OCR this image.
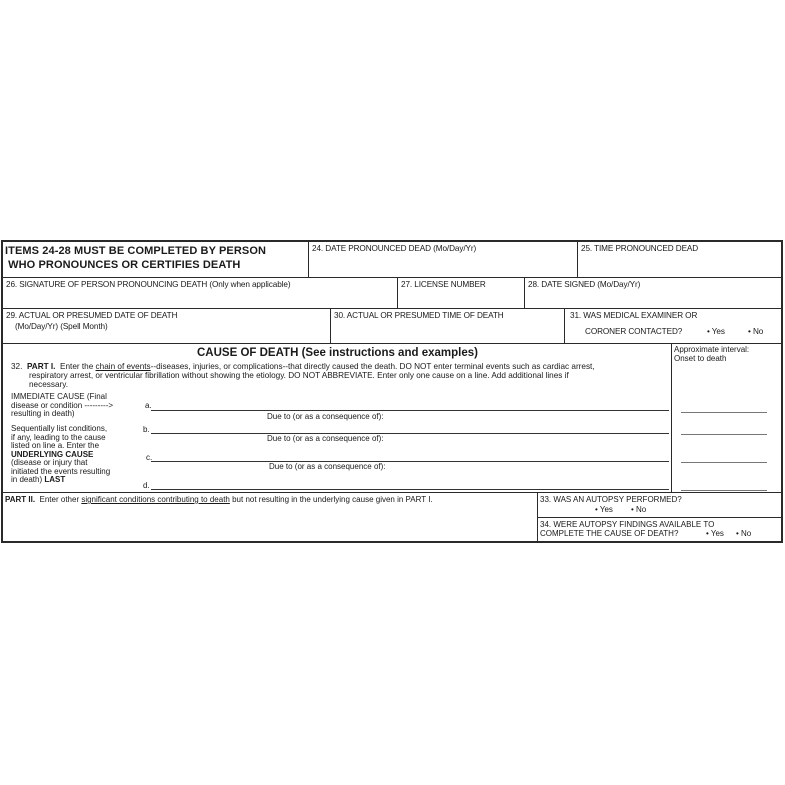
ITEMS 24-28 MUST BE COMPLETED BY PERSON
WHO PRONOUNCES OR CERTIFIES DEATH
24. DATE PRONOUNCED DEAD (Mo/Day/Yr)	25. TIME PRONOUNCED DEAD
26. SIGNATURE OF PERSON PRONOUNCING DEATH (Only when applicable)	27. LICENSE NUMBER	28. DATE SIGNED (Mo/Day/Yr)
29. ACTUAL OR PRESUMED DATE OF DEATH
(Mo/Day/Yr) (Spell Month)
30. ACTUAL OR PRESUMED TIME OF DEATH	31. WAS MEDICAL EXAMINER OR
CORONER CONTACTED?	• Yes	• No
CAUSE OF DEATH (See instructions and examples)	Approximate interval:
Onset to death
32. PART I. Enter the chain of events--diseases, injuries, or complications--that directly caused the death. DO NOT enter terminal events such as cardiac arrest,
respiratory arrest, or ventricular fibrillation without showing the etiology. DO NOT ABBREVIATE. Enter only one cause on a line. Add additional lines if
necessary.
IMMEDIATE CAUSE (Final
disease or condition --------->
resulting in death)
Sequentially list conditions,
if any, leading to the cause
listed on line a. Enter the
UNDERLYING CAUSE
(disease or injury that
initiated the events resulting
in death) LAST
a.
Due to (or as a consequence of):
b.
Due to (or as a consequence of):
c.
Due to (or as a consequence of):
d.
PART II.  Enter other significant conditions contributing to death but not resulting in the underlying cause given in PART I.	33. WAS AN AUTOPSY PERFORMED?
• Yes • No
34. WERE AUTOPSY FINDINGS AVAILABLE TO
COMPLETE THE CAUSE OF DEATH?	• Yes • No
